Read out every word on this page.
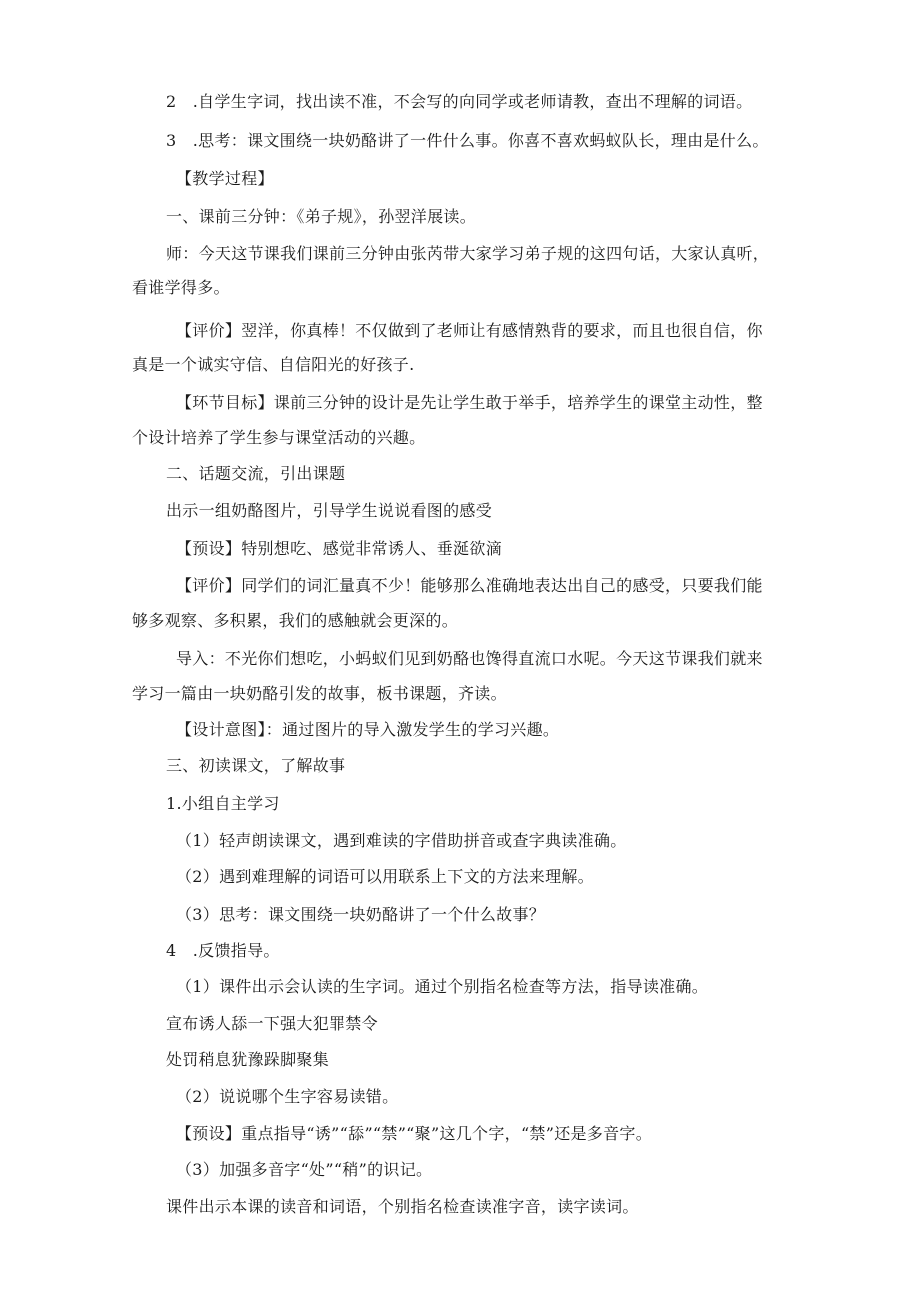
2　.自学生字词，找出读不准，不会写的向同学或老师请教，查出不理解的词语。
3　.思考：课文围绕一块奶酪讲了一件什么事。你喜不喜欢蚂蚁队长，理由是什么。
【教学过程】
一、课前三分钟：《弟子规》，孙翌洋展读。
师：今天这节课我们课前三分钟由张芮带大家学习弟子规的这四句话，大家认真听，
看谁学得多。
【评价】翌洋，你真棒！不仅做到了老师让有感情熟背的要求，而且也很自信，你
真是一个诚实守信、自信阳光的好孩子.
【环节目标】课前三分钟的设计是先让学生敢于举手，培养学生的课堂主动性，整
个设计培养了学生参与课堂活动的兴趣。
二、话题交流，引出课题
出示一组奶酪图片，引导学生说说看图的感受
【预设】特别想吃、感觉非常诱人、垂涎欲滴
【评价】同学们的词汇量真不少！能够那么准确地表达出自己的感受，只要我们能
够多观察、多积累，我们的感触就会更深的。
导入：不光你们想吃，小蚂蚁们见到奶酪也馋得直流口水呢。今天这节课我们就来
学习一篇由一块奶酪引发的故事，板书课题，齐读。
【设计意图】：通过图片的导入激发学生的学习兴趣。
三、初读课文，了解故事
1.小组自主学习
（1）轻声朗读课文，遇到难读的字借助拼音或查字典读准确。
（2）遇到难理解的词语可以用联系上下文的方法来理解。
（3）思考：课文围绕一块奶酪讲了一个什么故事？
4　.反馈指导。
（1）课件出示会认读的生字词。通过个别指名检查等方法，指导读准确。
宣布诱人舔一下强大犯罪禁令
处罚稍息犹豫跺脚聚集
（2）说说哪个生字容易读错。
【预设】重点指导“诱”“舔”“禁”“聚”这几个字，“禁”还是多音字。
（3）加强多音字“处”“稍”的识记。
课件出示本课的读音和词语，个别指名检查读准字音，读字读词。
